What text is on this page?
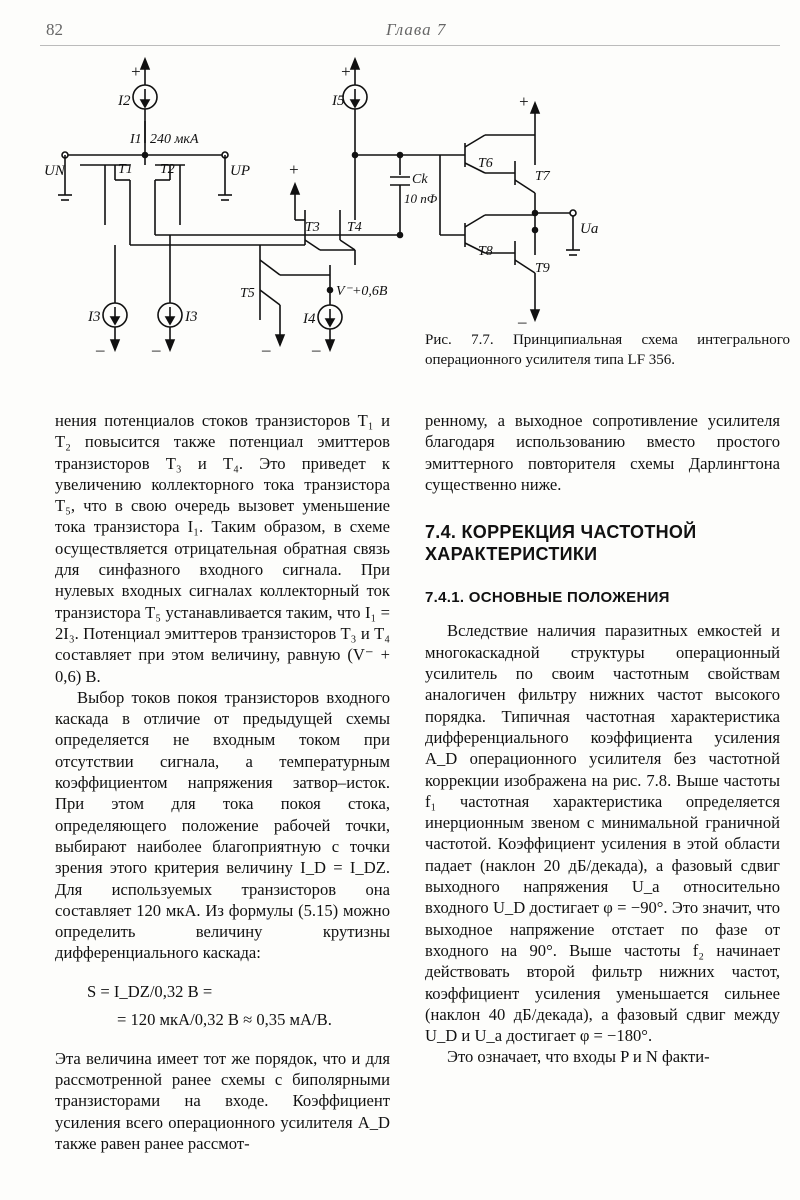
82	Глава 7
+	+
+
+
I2	I5
I1 240 мкА
UN	UP
T1 T2
T3 T4
T5
T6
T7
T8
T9
Ck
10 пФ
Ua
V⁻+0,6B
I3	I3	I4
–	–	– –
–
Рис. 7.7. Принципиальная схема интегрального операционного усилителя типа LF 356.

нения потенциалов стоков транзисторов T₁ и T₂ повысится также потенциал эмиттеров транзисторов T₃ и T₄. Это приведет к увеличению коллекторного тока транзистора T₅, что в свою очередь вызовет уменьшение тока транзистора I₁. Таким образом, в схеме осуществляется отрицательная обратная связь для синфазного входного сигнала. При нулевых входных сигналах коллекторный ток транзистора T₅ устанавливается таким, что I₁ = 2I₃. Потенциал эмиттеров транзисторов T₃ и T₄ составляет при этом величину, равную (V⁻ + 0,6) В.

Выбор токов покоя транзисторов входного каскада в отличие от предыдущей схемы определяется не входным током при отсутствии сигнала, а температурным коэффициентом напряжения затвор–исток. При этом для тока покоя стока, определяющего положение рабочей точки, выбирают наиболее благоприятную с точки зрения этого критерия величину I_D = I_DZ. Для используемых транзисторов она составляет 120 мкА. Из формулы (5.15) можно определить величину крутизны дифференциального каскада:

S = I_DZ/0,32 В =
= 120 мкА/0,32 В ≈ 0,35 мА/В.

Эта величина имеет тот же порядок, что и для рассмотренной ранее схемы с биполярными транзисторами на входе. Коэффициент усиления всего операционного усилителя A_D также равен ранее рассмот-

ренному, а выходное сопротивление усилителя благодаря использованию вместо простого эмиттерного повторителя схемы Дарлингтона существенно ниже.

7.4. КОРРЕКЦИЯ ЧАСТОТНОЙ ХАРАКТЕРИСТИКИ
7.4.1. ОСНОВНЫЕ ПОЛОЖЕНИЯ

Вследствие наличия паразитных емкостей и многокаскадной структуры операционный усилитель по своим частотным свойствам аналогичен фильтру нижних частот высокого порядка. Типичная частотная характеристика дифференциального коэффициента усиления A_D операционного усилителя без частотной коррекции изображена на рис. 7.8. Выше частоты f₁ частотная характеристика определяется инерционным звеном с минимальной граничной частотой. Коэффициент усиления в этой области падает (наклон 20 дБ/декада), а фазовый сдвиг выходного напряжения U_a относительно входного U_D достигает φ = −90°. Это значит, что выходное напряжение отстает по фазе от входного на 90°. Выше частоты f₂ начинает действовать второй фильтр нижних частот, коэффициент усиления уменьшается сильнее (наклон 40 дБ/декада), а фазовый сдвиг между U_D и U_a достигает φ = −180°.

Это означает, что входы P и N факти-
